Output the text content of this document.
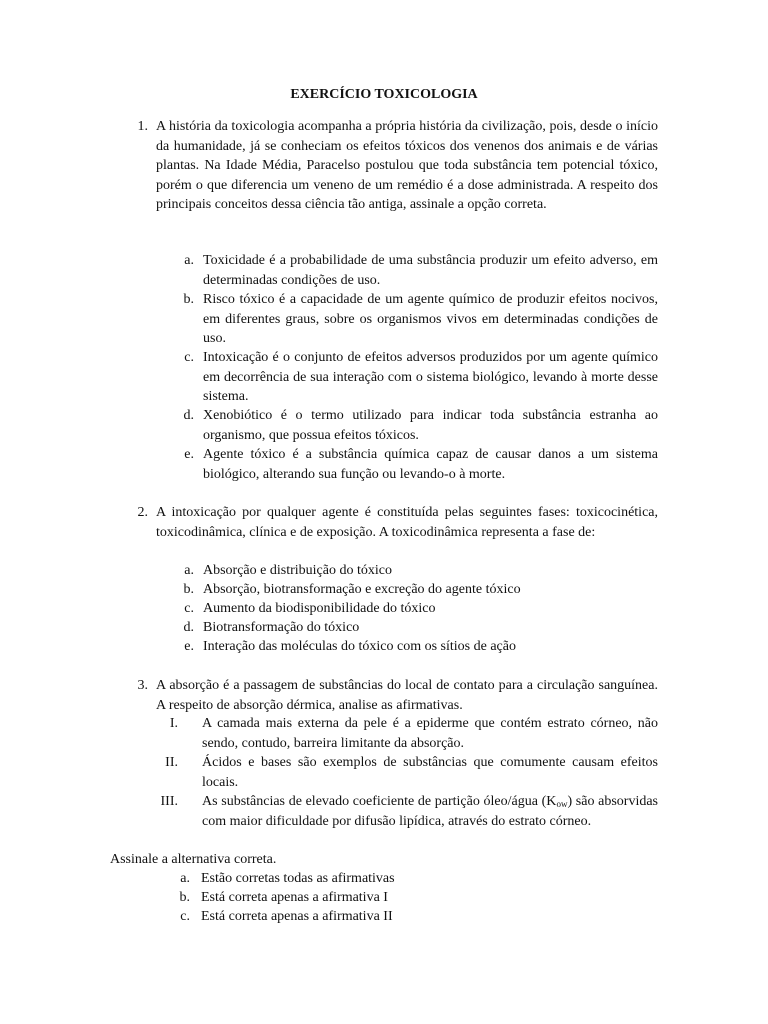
EXERCÍCIO TOXICOLOGIA
1. A história da toxicologia acompanha a própria história da civilização, pois, desde o início da humanidade, já se conheciam os efeitos tóxicos dos venenos dos animais e de várias plantas. Na Idade Média, Paracelso postulou que toda substância tem potencial tóxico, porém o que diferencia um veneno de um remédio é a dose administrada. A respeito dos principais conceitos dessa ciência tão antiga, assinale a opção correta.
a. Toxicidade é a probabilidade de uma substância produzir um efeito adverso, em determinadas condições de uso.
b. Risco tóxico é a capacidade de um agente químico de produzir efeitos nocivos, em diferentes graus, sobre os organismos vivos em determinadas condições de uso.
c. Intoxicação é o conjunto de efeitos adversos produzidos por um agente químico em decorrência de sua interação com o sistema biológico, levando à morte desse sistema.
d. Xenobiótico é o termo utilizado para indicar toda substância estranha ao organismo, que possua efeitos tóxicos.
e. Agente tóxico é a substância química capaz de causar danos a um sistema biológico, alterando sua função ou levando-o à morte.
2. A intoxicação por qualquer agente é constituída pelas seguintes fases: toxicocinética, toxicodinâmica, clínica e de exposição. A toxicodinâmica representa a fase de:
a. Absorção e distribuição do tóxico
b. Absorção, biotransformação e excreção do agente tóxico
c. Aumento da biodisponibilidade do tóxico
d. Biotransformação do tóxico
e. Interação das moléculas do tóxico com os sítios de ação
3. A absorção é a passagem de substâncias do local de contato para a circulação sanguínea. A respeito de absorção dérmica, analise as afirmativas.
I. A camada mais externa da pele é a epiderme que contém estrato córneo, não sendo, contudo, barreira limitante da absorção.
II. Ácidos e bases são exemplos de substâncias que comumente causam efeitos locais.
III. As substâncias de elevado coeficiente de partição óleo/água $(K_{ow})$ são absorvidas com maior dificuldade por difusão lipídica, através do estrato córneo.
Assinale a alternativa correta.
a. Estão corretas todas as afirmativas
b. Está correta apenas a afirmativa I
c. Está correta apenas a afirmativa II
